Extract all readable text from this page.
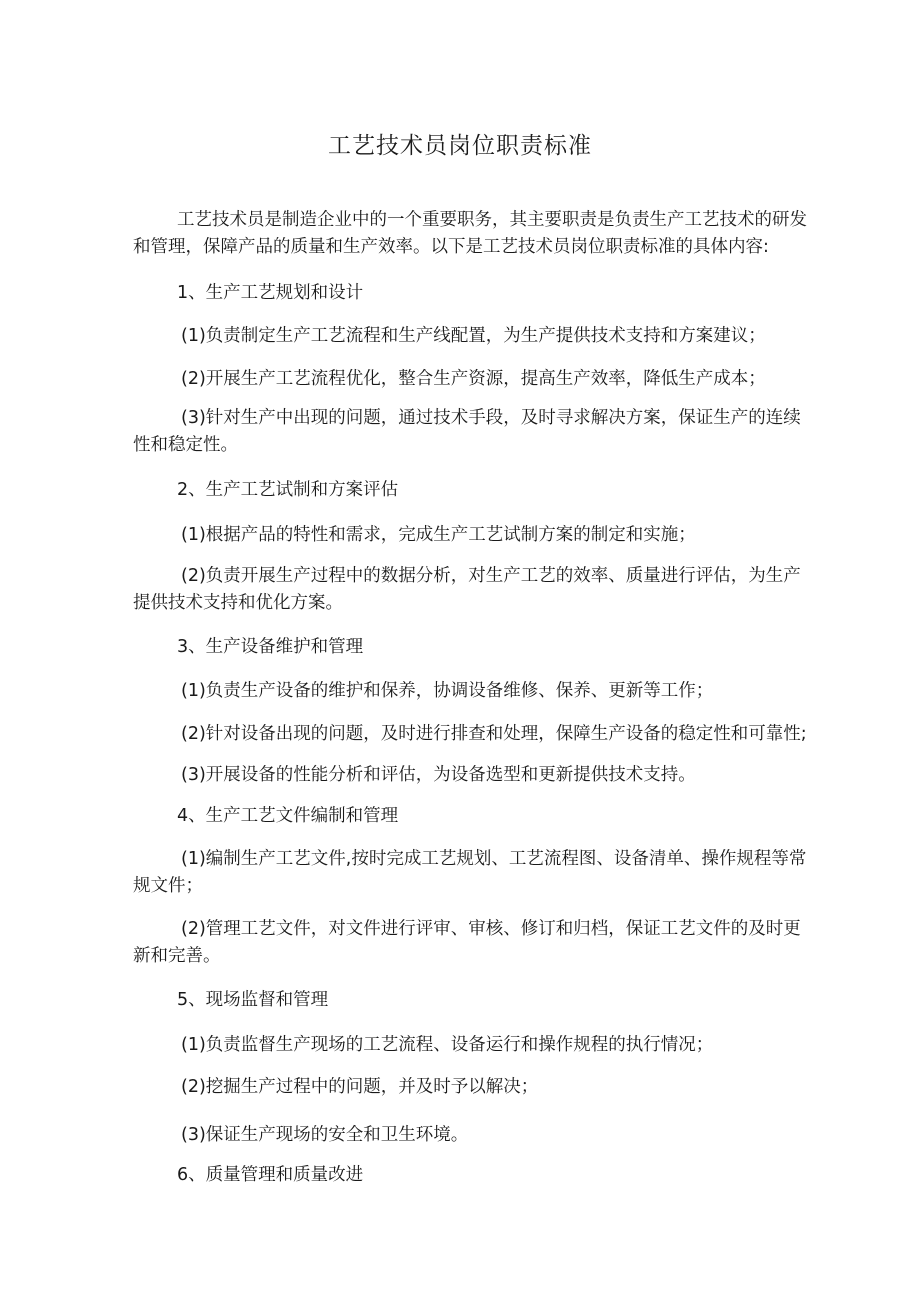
工艺技术员岗位职责标准
工艺技术员是制造企业中的一个重要职务，其主要职责是负责生产工艺技术的研发
和管理，保障产品的质量和生产效率。以下是工艺技术员岗位职责标准的具体内容:
1、生产工艺规划和设计
(1)负责制定生产工艺流程和生产线配置，为生产提供技术支持和方案建议；
(2)开展生产工艺流程优化，整合生产资源，提高生产效率，降低生产成本；
(3)针对生产中出现的问题，通过技术手段，及时寻求解决方案，保证生产的连续
性和稳定性。
2、生产工艺试制和方案评估
(1)根据产品的特性和需求，完成生产工艺试制方案的制定和实施；
(2)负责开展生产过程中的数据分析，对生产工艺的效率、质量进行评估，为生产
提供技术支持和优化方案。
3、生产设备维护和管理
(1)负责生产设备的维护和保养，协调设备维修、保养、更新等工作；
(2)针对设备出现的问题，及时进行排查和处理，保障生产设备的稳定性和可靠性;
(3)开展设备的性能分析和评估，为设备选型和更新提供技术支持。
4、生产工艺文件编制和管理
(1)编制生产工艺文件,按时完成工艺规划、工艺流程图、设备清单、操作规程等常
规文件；
(2)管理工艺文件，对文件进行评审、审核、修订和归档，保证工艺文件的及时更
新和完善。
5、现场监督和管理
(1)负责监督生产现场的工艺流程、设备运行和操作规程的执行情况；
(2)挖掘生产过程中的问题，并及时予以解决；
(3)保证生产现场的安全和卫生环境。
6、质量管理和质量改进
